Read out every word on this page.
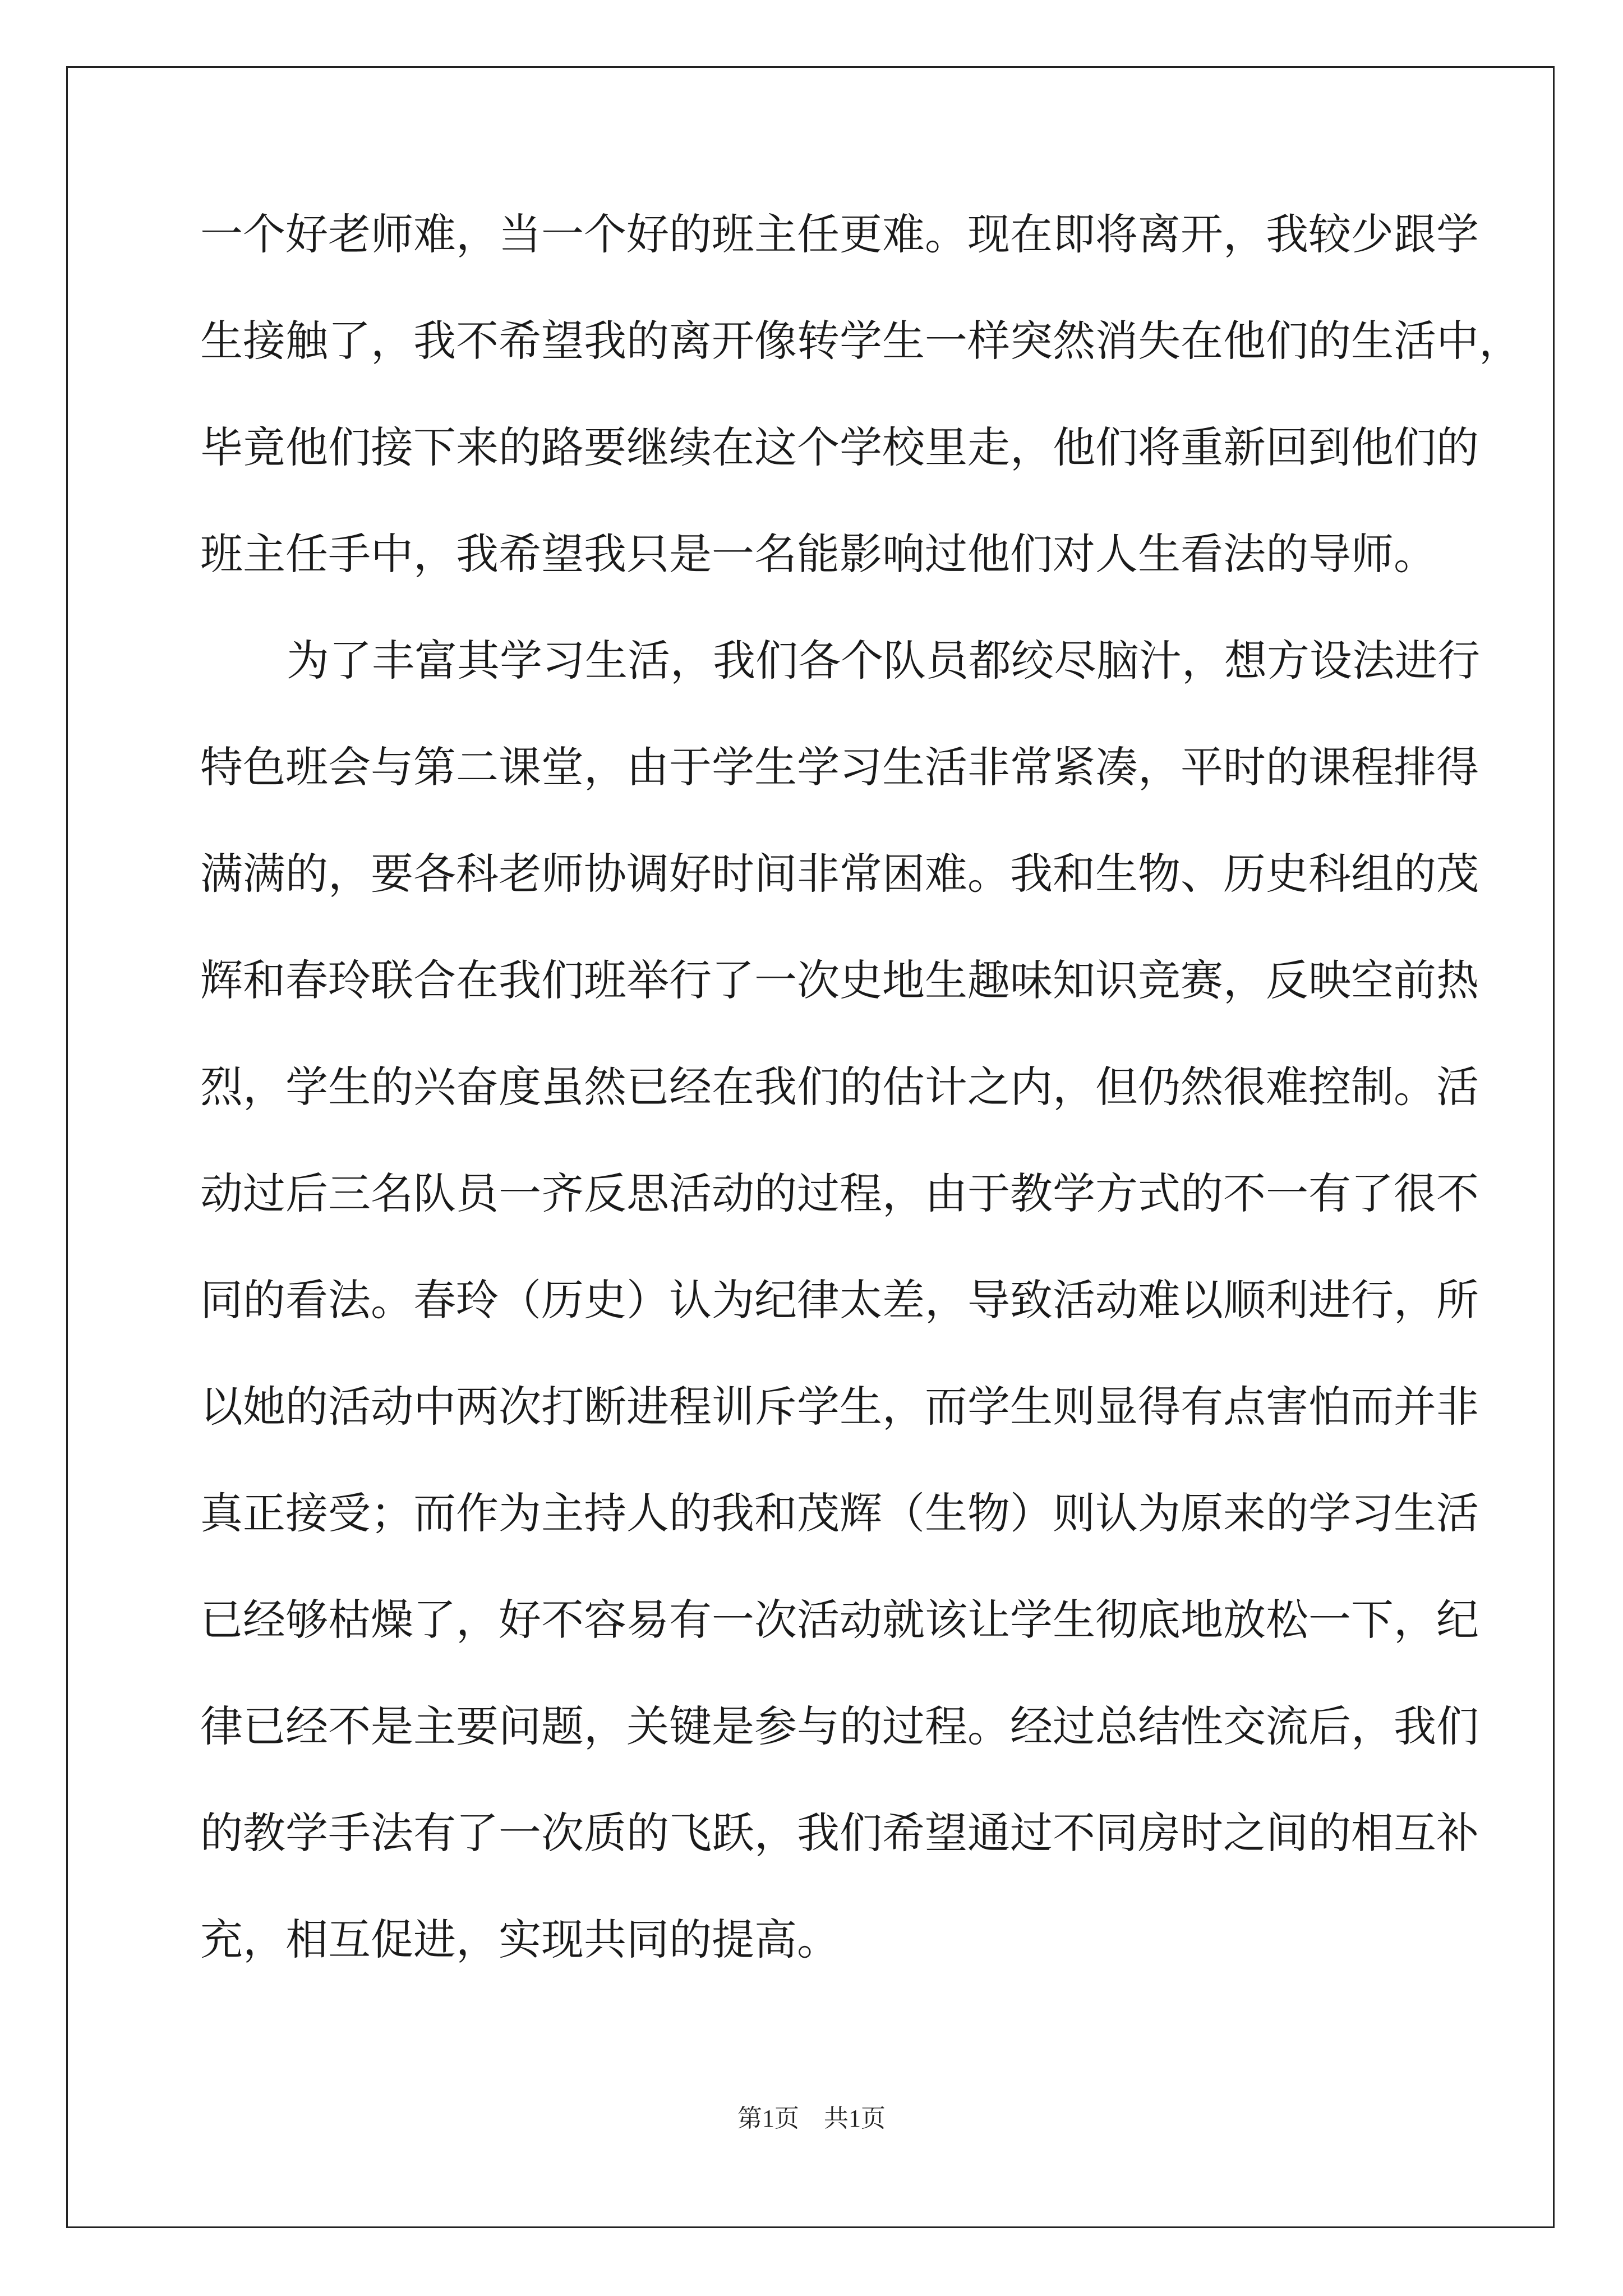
一个好老师难，当一个好的班主任更难。现在即将离开，我较少跟学
生接触了，我不希望我的离开像转学生一样突然消失在他们的生活中，
毕竟他们接下来的路要继续在这个学校里走，他们将重新回到他们的
班主任手中，我希望我只是一名能影响过他们对人生看法的导师。
为了丰富其学习生活，我们各个队员都绞尽脑汁，想方设法进行
特色班会与第二课堂，由于学生学习生活非常紧凑，平时的课程排得
满满的，要各科老师协调好时间非常困难。我和生物、历史科组的茂
辉和春玲联合在我们班举行了一次史地生趣味知识竞赛，反映空前热
烈，学生的兴奋度虽然已经在我们的估计之内，但仍然很难控制。活
动过后三名队员一齐反思活动的过程，由于教学方式的不一有了很不
同的看法。春玲（历史）认为纪律太差，导致活动难以顺利进行，所
以她的活动中两次打断进程训斥学生，而学生则显得有点害怕而并非
真正接受；而作为主持人的我和茂辉（生物）则认为原来的学习生活
已经够枯燥了，好不容易有一次活动就该让学生彻底地放松一下，纪
律已经不是主要问题，关键是参与的过程。经过总结性交流后，我们
的教学手法有了一次质的飞跃，我们希望通过不同房时之间的相互补
充，相互促进，实现共同的提高。
第1页    共1页
